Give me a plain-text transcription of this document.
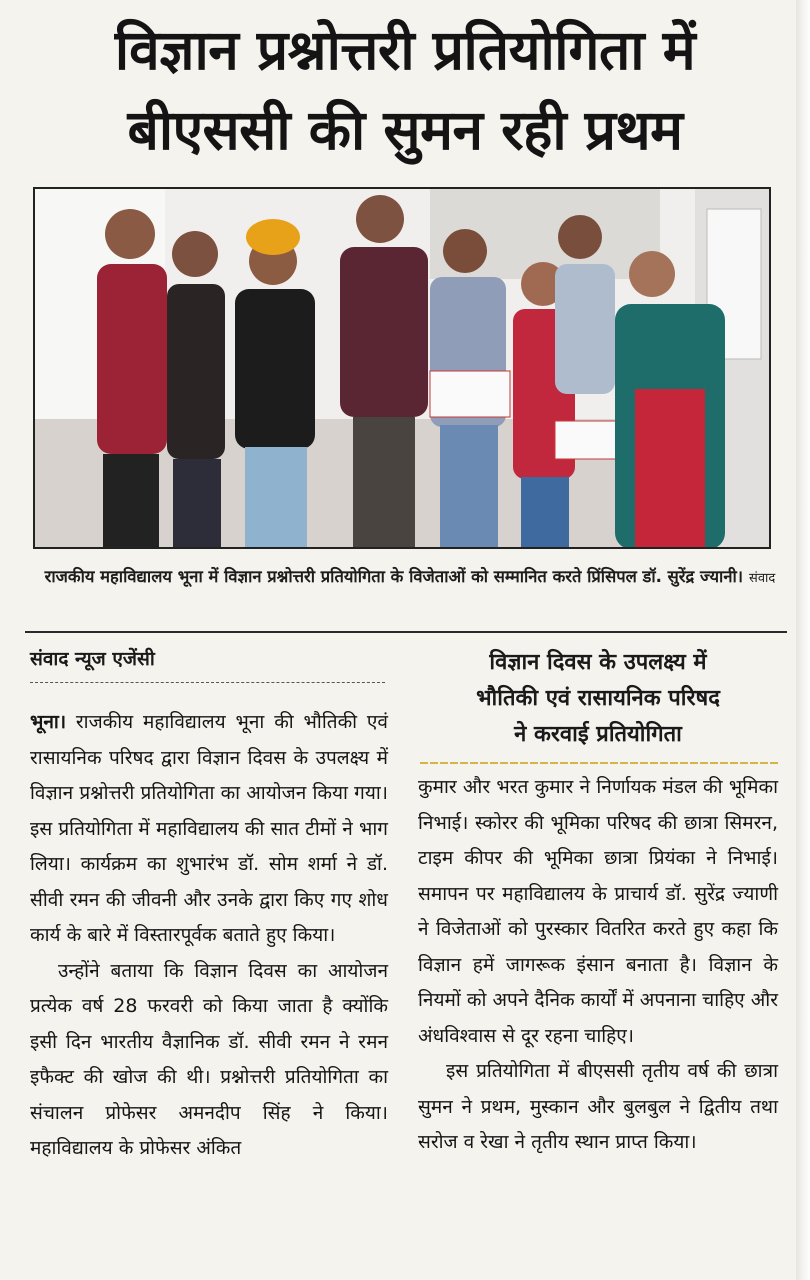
विज्ञान प्रश्नोत्तरी प्रतियोगिता में
बीएससी की सुमन रही प्रथम
राजकीय महाविद्यालय भूना में विज्ञान प्रश्नोत्तरी प्रतियोगिता के विजेताओं को सम्मानित करते प्रिंसिपल डॉ. सुरेंद्र ज्यानी। संवाद
संवाद न्यूज एजेंसी	विज्ञान दिवस के उपलक्ष्य में
भौतिकी एवं रासायनिक परिषद
ने करवाई प्रतियोगिता

भूना। राजकीय महाविद्यालय भूना की भौतिकी एवं रासायनिक परिषद द्वारा विज्ञान दिवस के उपलक्ष्य में विज्ञान प्रश्नोत्तरी प्रतियोगिता का आयोजन किया गया। इस प्रतियोगिता में महाविद्यालय की सात टीमों ने भाग लिया। कार्यक्रम का शुभारंभ डॉ. सोम शर्मा ने डॉ. सीवी रमन की जीवनी और उनके द्वारा किए गए शोध कार्य के बारे में विस्तारपूर्वक बताते हुए किया।

उन्होंने बताया कि विज्ञान दिवस का आयोजन प्रत्येक वर्ष 28 फरवरी को किया जाता है क्योंकि इसी दिन भारतीय वैज्ञानिक डॉ. सीवी रमन ने रमन इफैक्ट की खोज की थी। प्रश्नोत्तरी प्रतियोगिता का संचालन प्रोफेसर अमनदीप सिंह ने किया। महाविद्यालय के प्रोफेसर अंकित

कुमार और भरत कुमार ने निर्णायक मंडल की भूमिका निभाई। स्कोरर की भूमिका परिषद की छात्रा सिमरन, टाइम कीपर की भूमिका छात्रा प्रियंका ने निभाई। समापन पर महाविद्यालय के प्राचार्य डॉ. सुरेंद्र ज्याणी ने विजेताओं को पुरस्कार वितरित करते हुए कहा कि विज्ञान हमें जागरूक इंसान बनाता है। विज्ञान के नियमों को अपने दैनिक कार्यों में अपनाना चाहिए और अंधविश्वास से दूर रहना चाहिए।

इस प्रतियोगिता में बीएससी तृतीय वर्ष की छात्रा सुमन ने प्रथम, मुस्कान और बुलबुल ने द्वितीय तथा सरोज व रेखा ने तृतीय स्थान प्राप्त किया।
